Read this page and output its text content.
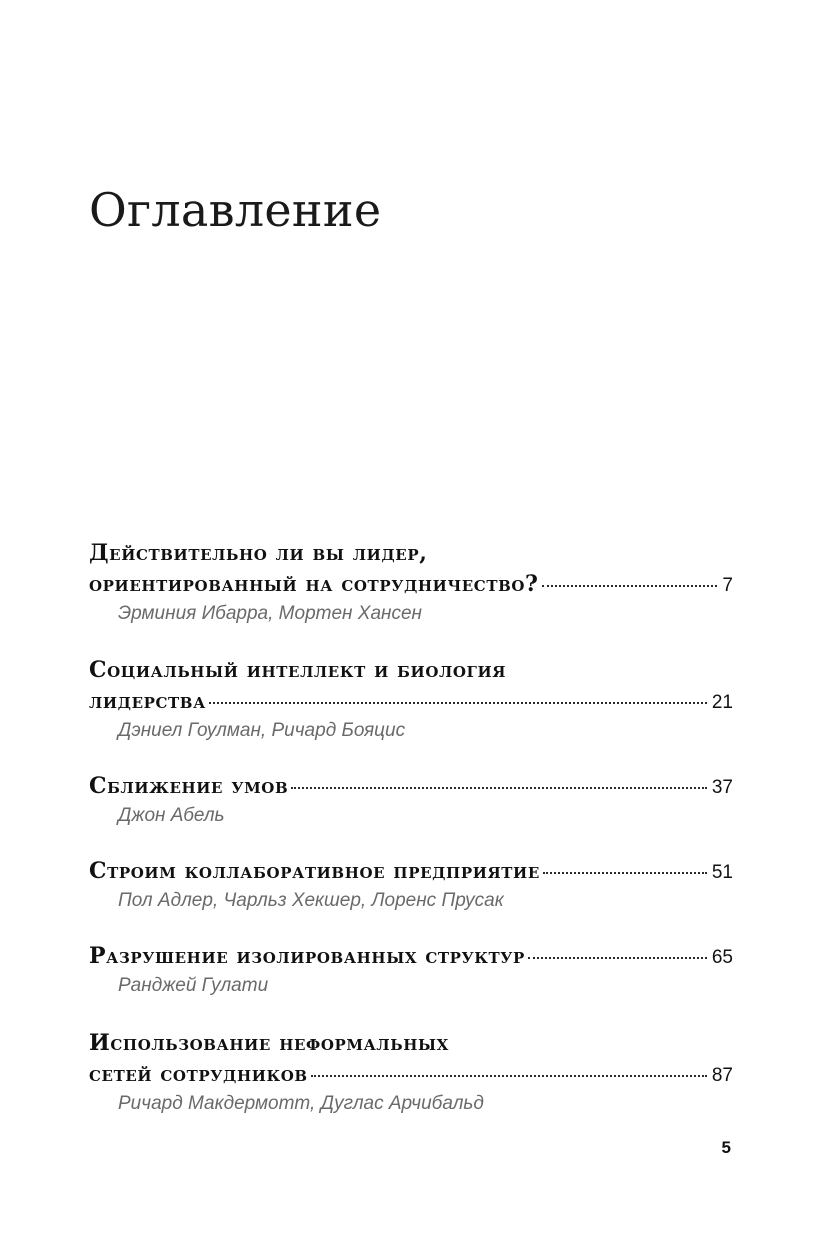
Оглавление
Действительно ли вы лидер,
ориентированный на сотрудничество?	7
Эрминия Ибарра, Мортен Хансен
Социальный интеллект и биология
лидерства	21
Дэниел Гоулман, Ричард Бояцис
Сближение умов	37
Джон Абель
Строим коллаборативное предприятие	51
Пол Адлер, Чарльз Хекшер, Лоренс Прусак
Разрушение изолированных структур	65
Ранджей Гулати
Использование неформальных
сетей сотрудников	87
Ричард Макдермотт, Дуглас Арчибальд
5
